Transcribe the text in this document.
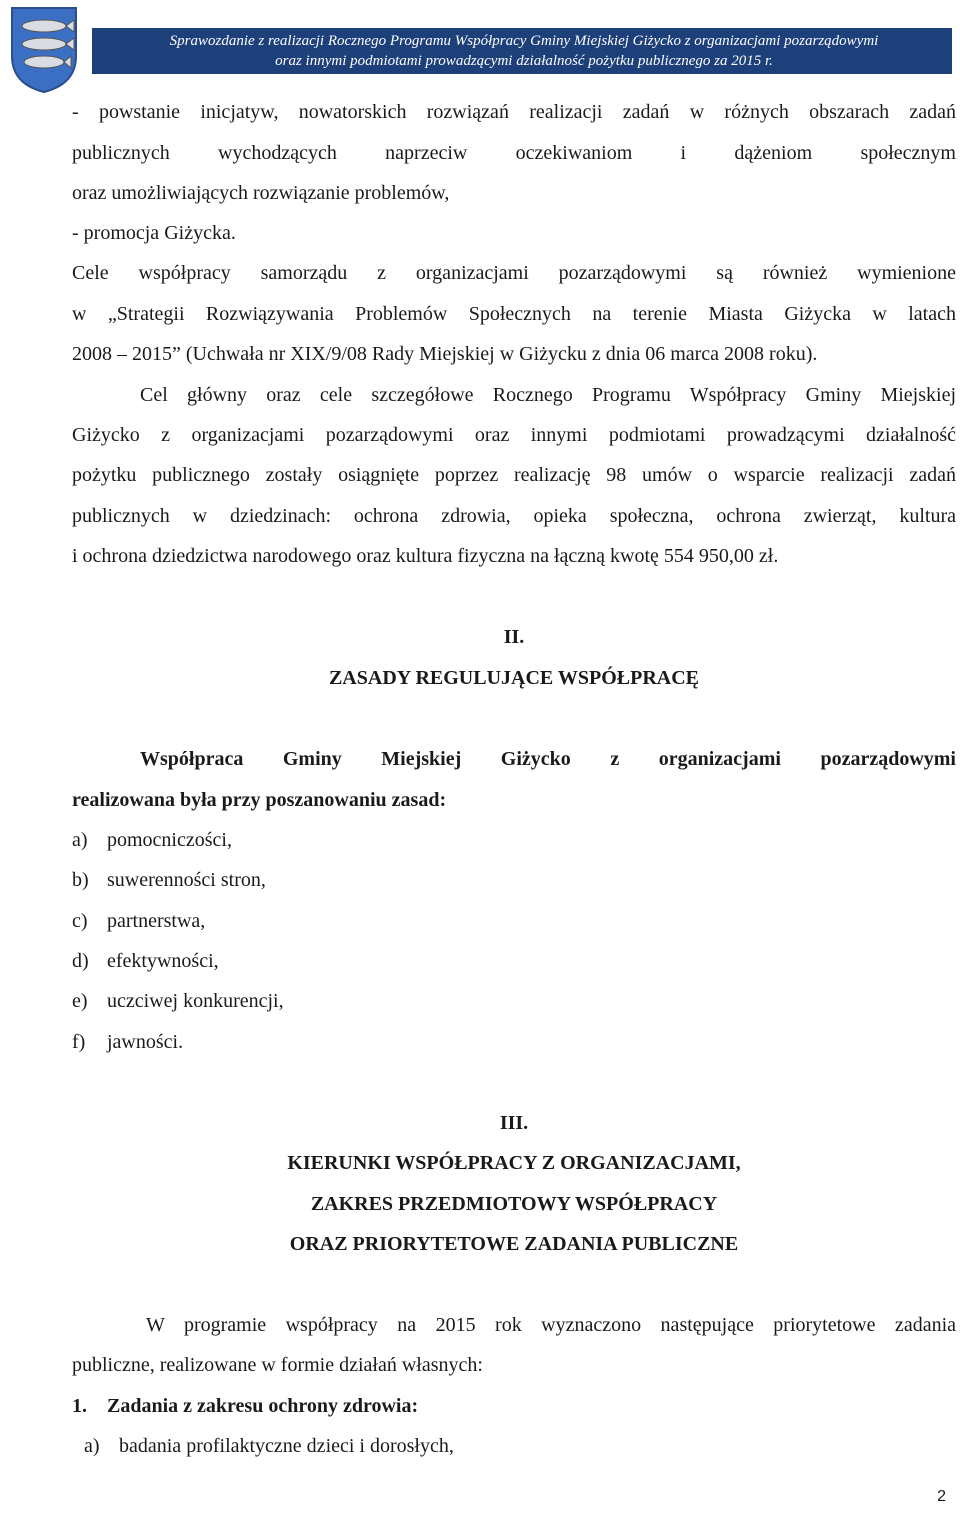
Sprawozdanie z realizacji Rocznego Programu Współpracy Gminy Miejskiej Giżycko z organizacjami pozarządowymi
oraz innymi podmiotami prowadzącymi działalność pożytku publicznego za 2015 r.
- powstanie inicjatyw, nowatorskich rozwiązań realizacji zadań w różnych obszarach zadań
publicznych wychodzących naprzeciw oczekiwaniom i dążeniom społecznym
oraz umożliwiających rozwiązanie problemów,
- promocja Giżycka.
Cele współpracy samorządu z organizacjami pozarządowymi są również wymienione
w „Strategii Rozwiązywania Problemów Społecznych na terenie Miasta Giżycka w latach
2008 – 2015” (Uchwała nr XIX/9/08 Rady Miejskiej w Giżycku z dnia 06 marca 2008 roku).
Cel główny oraz cele szczegółowe Rocznego Programu Współpracy Gminy Miejskiej
Giżycko z organizacjami pozarządowymi oraz innymi podmiotami prowadzącymi działalność
pożytku publicznego zostały osiągnięte poprzez realizację 98 umów o wsparcie realizacji zadań
publicznych w dziedzinach: ochrona zdrowia, opieka społeczna, ochrona zwierząt, kultura
i ochrona dziedzictwa narodowego oraz kultura fizyczna na łączną kwotę 554 950,00 zł.
II.
ZASADY REGULUJĄCE WSPÓŁPRACĘ
Współpraca Gminy Miejskiej Giżycko z organizacjami pozarządowymi
realizowana była przy poszanowaniu zasad:
a) pomocniczości,
b) suwerenności stron,
c) partnerstwa,
d) efektywności,
e) uczciwej konkurencji,
f) jawności.
III.
KIERUNKI WSPÓŁPRACY Z ORGANIZACJAMI,
ZAKRES PRZEDMIOTOWY WSPÓŁPRACY
ORAZ PRIORYTETOWE ZADANIA PUBLICZNE
W programie współpracy na 2015 rok wyznaczono następujące priorytetowe zadania
publiczne, realizowane w formie działań własnych:
1. Zadania z zakresu ochrony zdrowia:
a) badania profilaktyczne dzieci i dorosłych,
2
